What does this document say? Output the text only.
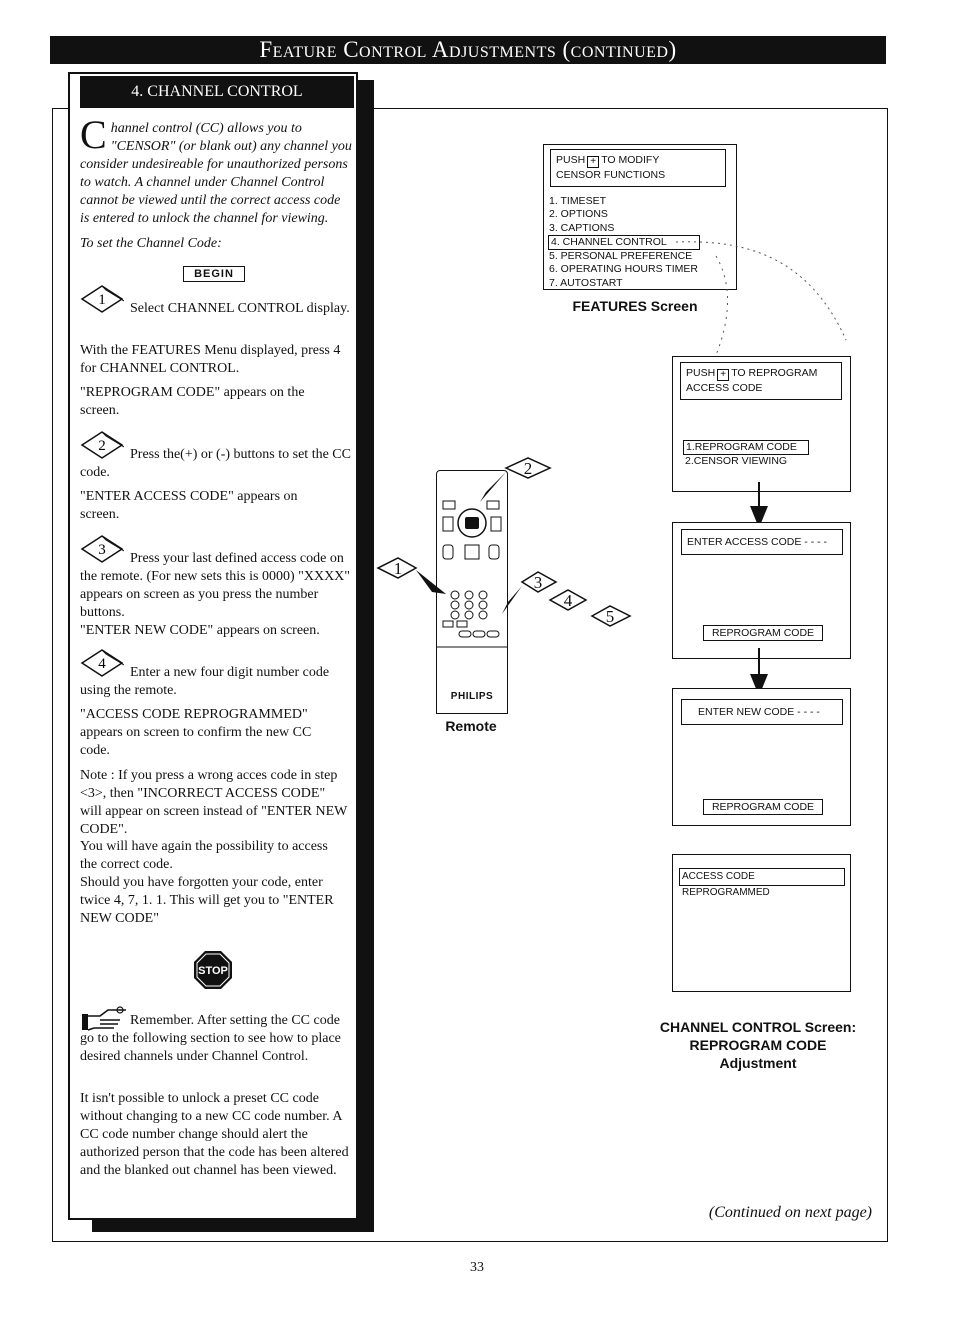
Feature Control Adjustments (continued)
4. CHANNEL CONTROL
C hannel control (CC) allows you to "CENSOR" (or blank out) any channel you consider undesireable for unauthorized persons to watch. A channel under Channel Control cannot be viewed until the correct access code is entered to unlock the channel for viewing.
To set the Channel Code:
BEGIN
1
Select CHANNEL CONTROL display.
With the FEATURES Menu displayed, press 4 for CHANNEL CONTROL.
"REPROGRAM CODE" appears on the screen.
2
Press the(+) or (-) buttons to set the CC code.
"ENTER ACCESS CODE" appears on screen.
3
Press your last defined access code on the remote. (For new sets this is 0000) "XXXX" appears on screen as you press the number buttons.
"ENTER NEW CODE" appears on screen.
4
Enter a new four digit number code using the remote.
"ACCESS CODE REPROGRAMMED" appears on screen to confirm the new CC code.
Note : If you press a wrong acces code in step <3>, then "INCORRECT ACCESS CODE" will appear on screen instead of "ENTER NEW CODE".
You will have again the possibility to access the correct code.
Should you have forgotten your code, enter twice 4, 7, 1. 1. This will get you to "ENTER NEW CODE"
STOP
Remember. After setting the CC code go to the following section to see how to place desired channels under Channel Control.
It isn't possible to unlock a preset CC code without changing to a new CC code number. A CC code number change should alert the authorized person that the code has been altered and the blanked out channel has been viewed.
PUSH + TO MODIFY
CENSOR FUNCTIONS
1. TIMESET
2. OPTIONS
3. CAPTIONS
4. CHANNEL CONTROL
5. PERSONAL PREFERENCE
6. OPERATING HOURS TIMER
7. AUTOSTART
FEATURES Screen
PUSH + TO REPROGRAM
ACCESS CODE
1.REPROGRAM CODE
2.CENSOR VIEWING
ENTER ACCESS CODE - - - -
REPROGRAM CODE
ENTER NEW CODE - - - -
REPROGRAM CODE
ACCESS CODE REPROGRAMMED
CHANNEL CONTROL Screen:
REPROGRAM CODE
Adjustment
PHILIPS
Remote
1
2
3
4
5
(Continued on next page)
33
